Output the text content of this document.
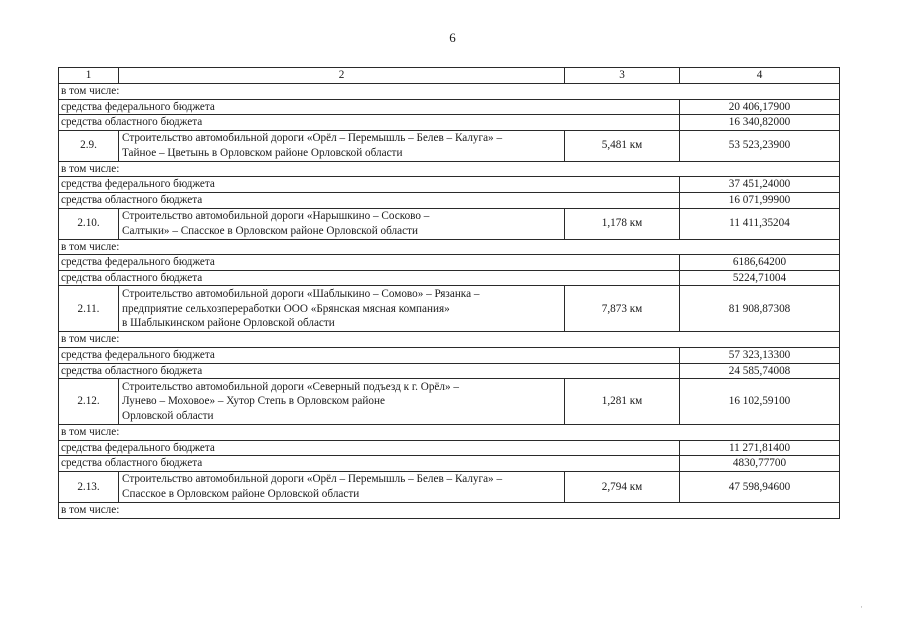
6
1	2	3	4
в том числе:			
средства федерального бюджета			20 406,17900
средства областного бюджета			16 340,82000
2.9.	Строительство автомобильной дороги «Орёл – Перемышль – Белев – Калуга» –
Тайное – Цветынь в Орловском районе Орловской области	5,481 км	53 523,23900
в том числе:			
средства федерального бюджета			37 451,24000
средства областного бюджета			16 071,99900
2.10.	Строительство автомобильной дороги «Нарышкино – Сосково –
Салтыки» – Спасское в Орловском районе Орловской области	1,178 км	11 411,35204
в том числе:			
средства федерального бюджета			6186,64200
средства областного бюджета			5224,71004
2.11.	Строительство автомобильной дороги «Шаблыкино – Сомово» – Рязанка –
предприятие сельхозпереработки ООО «Брянская мясная компания»
в Шаблыкинском районе Орловской области	7,873 км	81 908,87308
в том числе:			
средства федерального бюджета			57 323,13300
средства областного бюджета			24 585,74008
2.12.	Строительство автомобильной дороги «Северный подъезд к г. Орёл» –
Лунево – Моховое» – Хутор Степь в Орловском районе
Орловской области	1,281 км	16 102,59100
в том числе:			
средства федерального бюджета			11 271,81400
средства областного бюджета			4830,77700
2.13.	Строительство автомобильной дороги «Орёл – Перемышль – Белев – Калуга» –
Спасское в Орловском районе Орловской области	2,794 км	47 598,94600
в том числе:			
·
